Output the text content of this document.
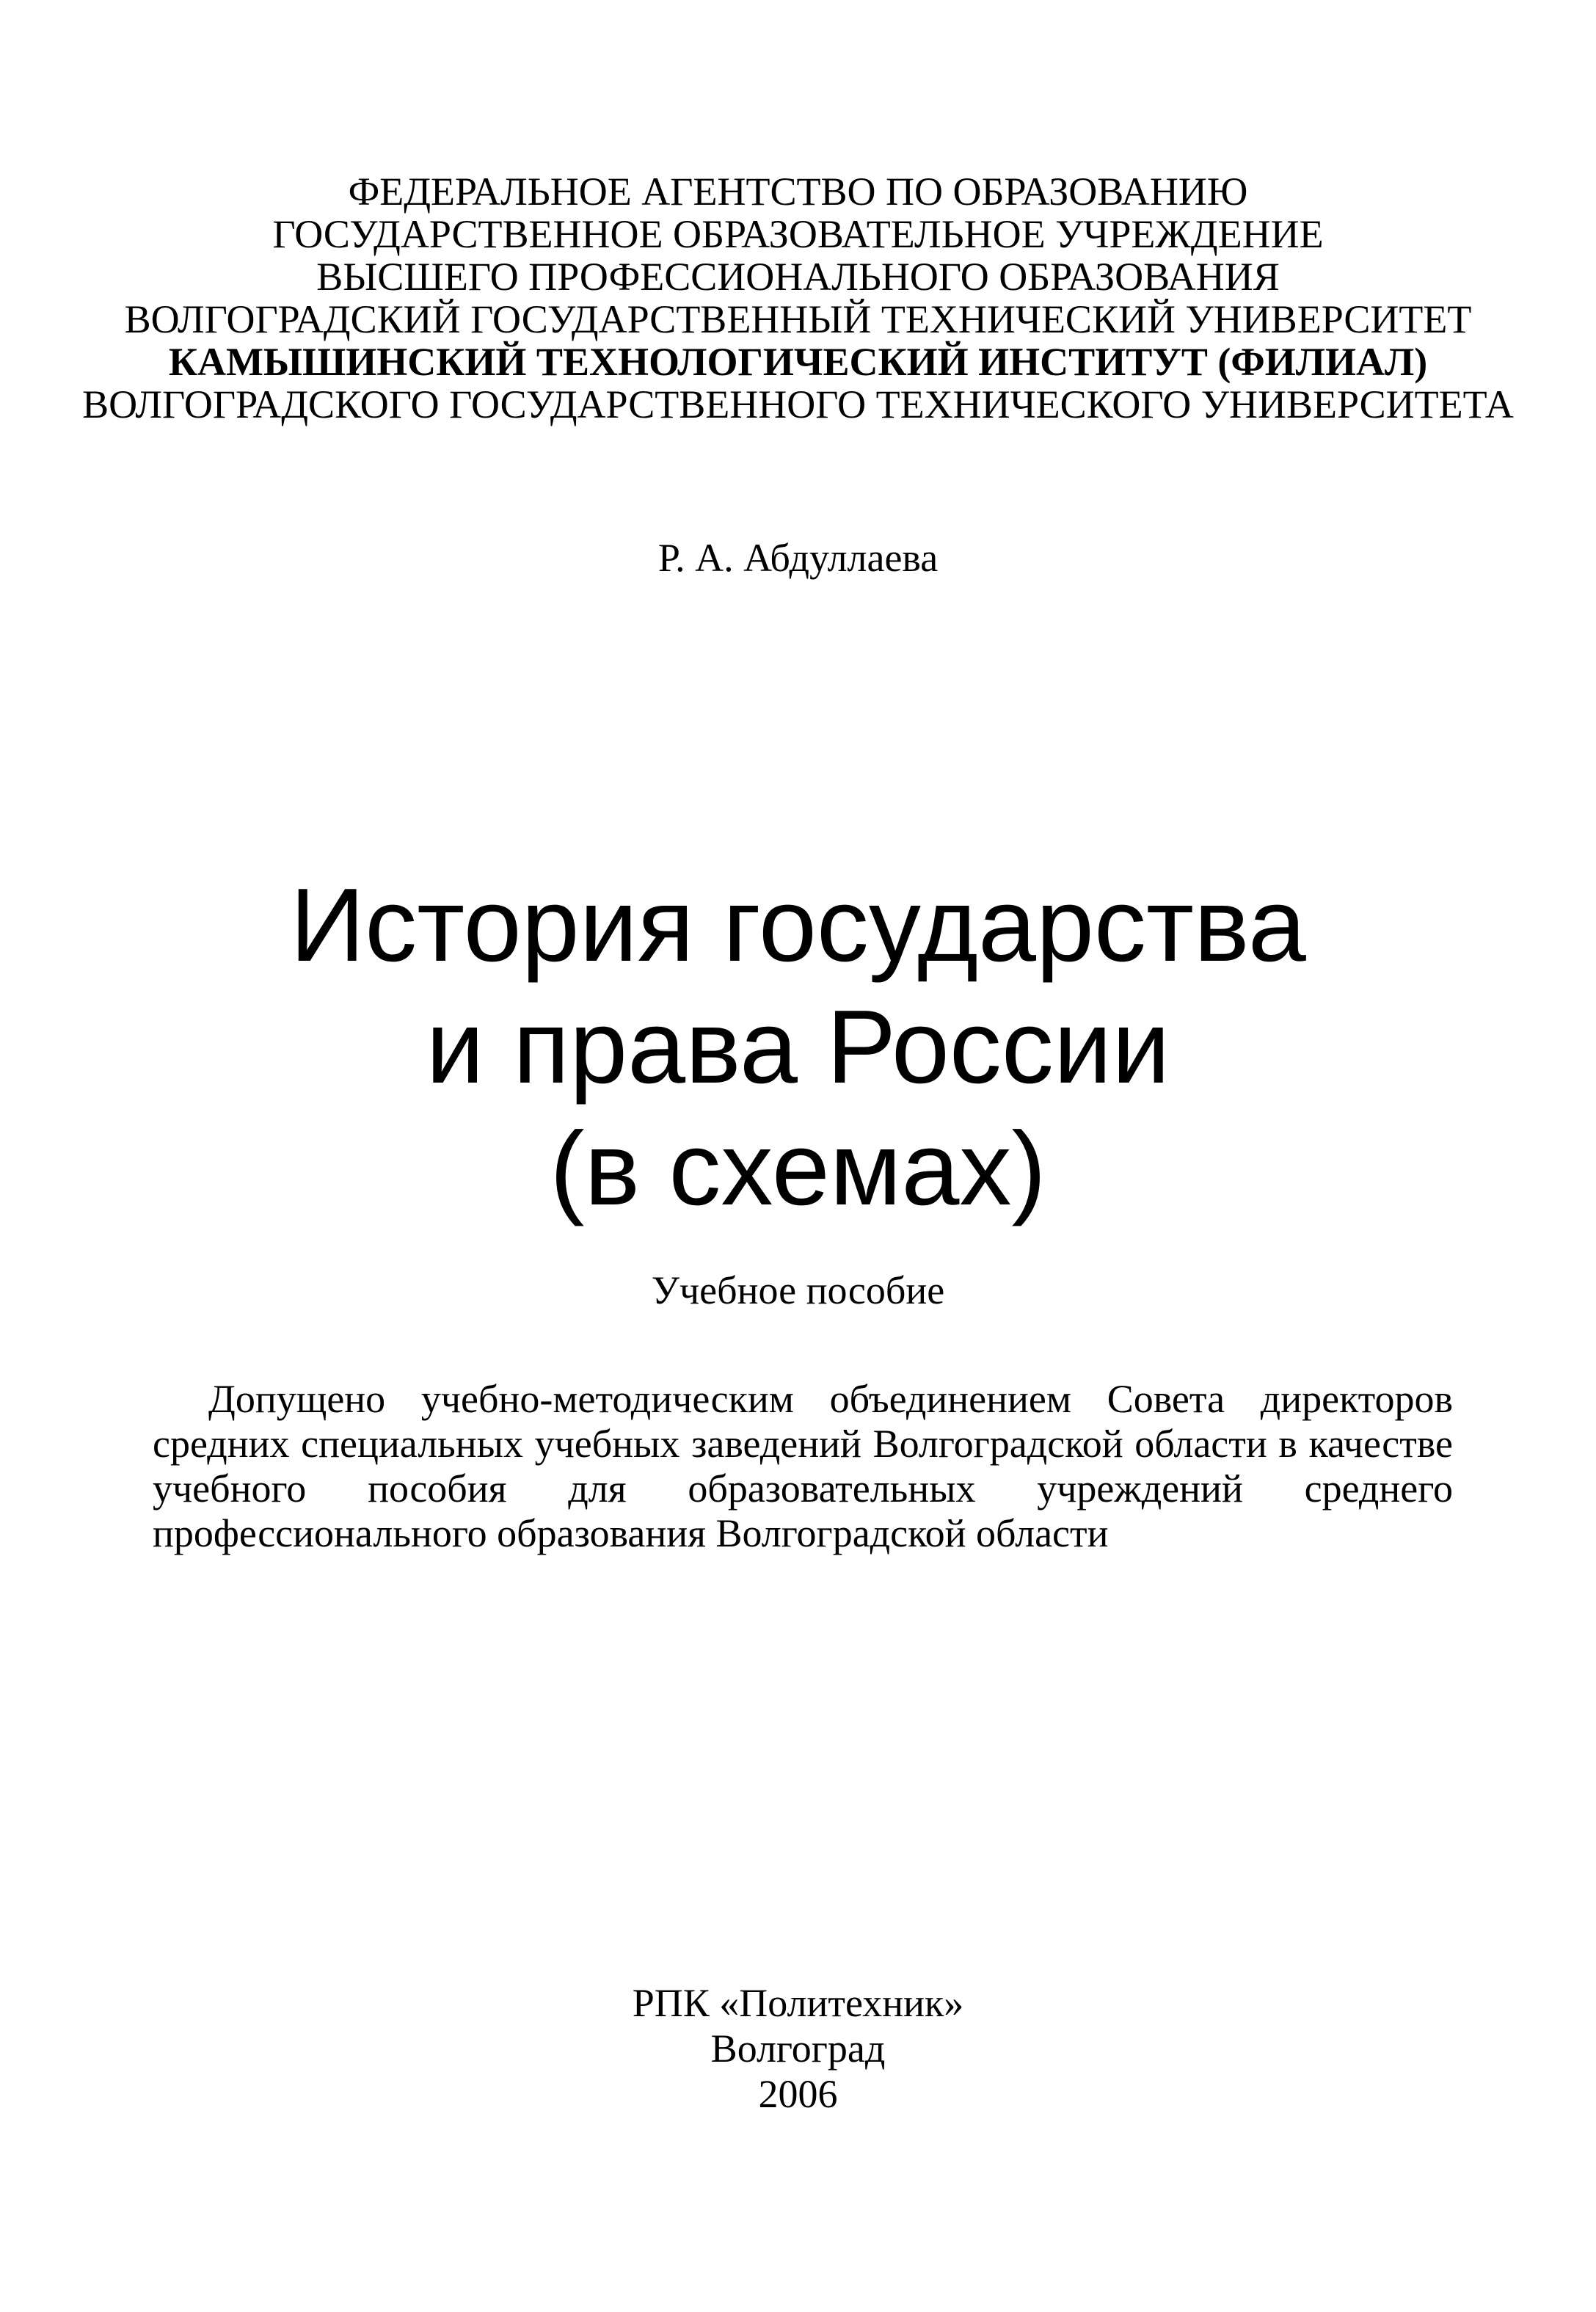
ФЕДЕРАЛЬНОЕ АГЕНТСТВО ПО ОБРАЗОВАНИЮ
ГОСУДАРСТВЕННОЕ ОБРАЗОВАТЕЛЬНОЕ УЧРЕЖДЕНИЕ
ВЫСШЕГО ПРОФЕССИОНАЛЬНОГО ОБРАЗОВАНИЯ
ВОЛГОГРАДСКИЙ ГОСУДАРСТВЕННЫЙ ТЕХНИЧЕСКИЙ УНИВЕРСИТЕТ
КАМЫШИНСКИЙ ТЕХНОЛОГИЧЕСКИЙ ИНСТИТУТ (ФИЛИАЛ)
ВОЛГОГРАДСКОГО ГОСУДАРСТВЕННОГО ТЕХНИЧЕСКОГО УНИВЕРСИТЕТА
Р. А. Абдуллаева
История государства
и права России
(в схемах)
Учебное пособие
Допущено учебно-методическим объединением Совета директоров средних специальных учебных заведений Волгоградской области в качестве учебного пособия для образовательных учреждений среднего профессионального образования Волгоградской области
РПК «Политехник»
Волгоград
2006
